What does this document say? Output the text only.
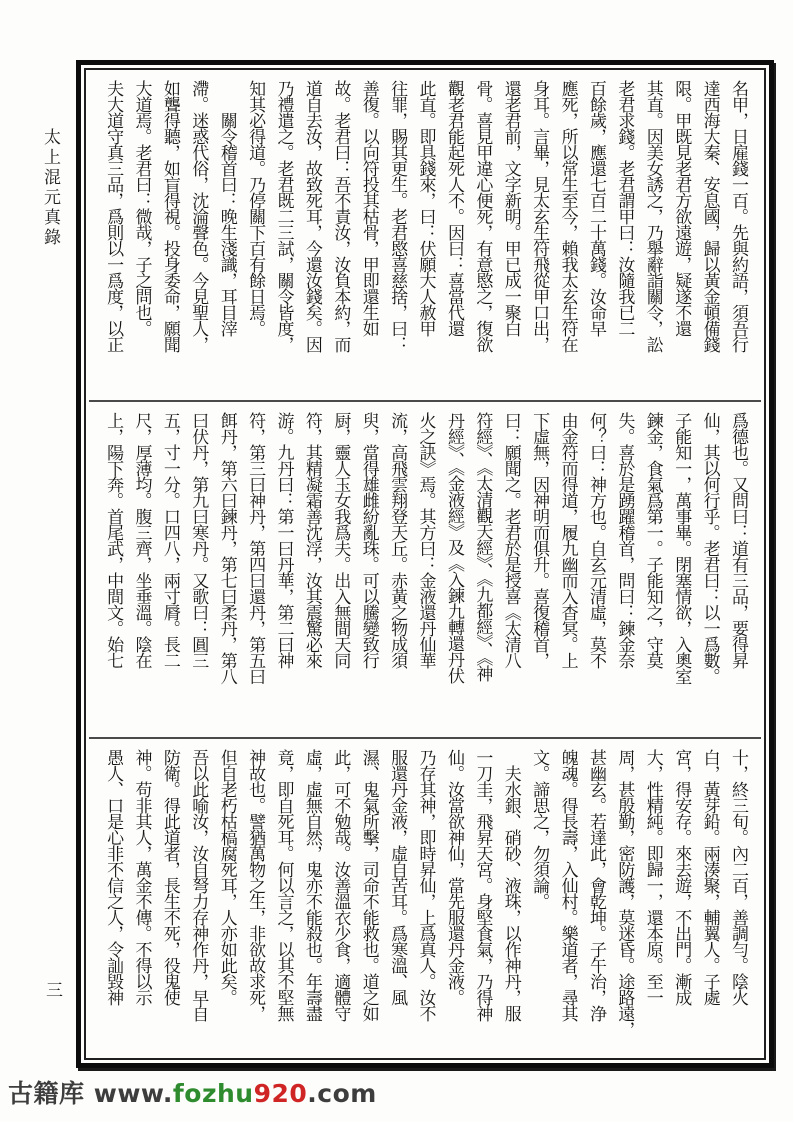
太上混元真錄
三
名甲，日雇錢一百。先與約語，須吾行
達西海大秦、安息國，歸以黃金頓備錢
限。甲既見老君方欲遠遊，疑遂不還
其直。因美女誘之，乃舉辭詣關令，訟
老君求錢。老君謂甲曰：汝隨我已二
百餘歲，應還七百二十萬錢。汝命早
應死，所以常生至今，賴我太玄生符在
身耳。言畢，見太玄生符飛從甲口出，
還老君前，文字新明。甲已成一聚白
骨。喜見甲違心便死，有意愍之，復欲
觀老君能起死人不。因曰：喜當代還
此直。即具錢來，曰：伏願大人赦甲
往罪，賜其更生。老君愍喜慈捨，曰：
善復。以向符投其枯骨，甲即還生如
故。老君曰：吾不責汝，汝負本約，而
道自去汝，故致死耳，今還汝錢矣。因
乃禮遣之。老君既二三試，關令皆度，
知其必得道。乃停關下百有餘日焉。
　　關令稽首曰：晚生淺識，耳目滓
滯。迷惑代俗，沈淪聲色。今見聖人，
如聾得聽，如盲得視。投身委命，願聞
大道焉。老君曰：微哉，子之問也。
夫大道守真三品，爲則以一爲度，以正
爲德也。又問曰：道有三品，要得昇
仙，其以何行乎。老君曰：以一爲數。
子能知一，萬事畢。閉塞情欲，入奧室
鍊金，食氣爲第一。子能知之，守莫
失。喜於是踴躍稽首，問曰：鍊金奈
何？曰：神方也。自玄元清虛，莫不
由金符而得道，履九幽而入杳冥。上
下虛無，因神明而俱升。喜復稽首，
曰：願聞之。老君於是授喜《太清八
符經》、《太清觀天經》、《九都經》、《神
丹經》、《金液經》及《入鍊九轉還丹伏
火之訣》焉。其方曰：金液還丹仙華
流，高飛雲翔登天丘。赤黃之物成須
臾，當得雄雌紛亂珠。可以騰變致行
厨，靈人玉女我爲夫。出入無間天同
符，其精凝霜善沈浮，汝其震驚必來
游。九丹曰：第一曰丹華，第二曰神
符，第三曰神丹，第四曰還丹，第五曰
餌丹，第六曰鍊丹，第七曰柔丹，第八
曰伏丹，第九曰寒丹。又歌曰：圓三
五，寸一分。口四八，兩寸脣。長二
尺，厚薄均。腹三齊，坐垂溫。陰在
上，陽下奔。首尾武，中間文。始七
十，終三旬。內二百，善調勻。陰火
白，黃芽鉛。兩湊聚，輔翼人。子處
宮，得安存。來去遊，不出門。漸成
大，性精純。即歸一，還本原。至一
周，甚殷勤，密防護，莫迷昏。途路遠，
甚幽玄。若達此，會乾坤。子午治，浄
魄魂。得長壽，入仙村。樂道者，尋其
文。諦思之，勿須論。
　夫水銀、硝砂、液珠，以作神丹，服
一刀圭，飛昇天宮。身堅食氣，乃得神
仙。汝當欲神仙，當先服還丹金液。
乃存其神，即時昇仙，上爲真人。汝不
服還丹金液，虛自苦耳。爲寒溫、風
濕、鬼氣所擊，司命不能救也。道之如
此，可不勉哉。汝善溫衣少食，適體守
虛，虛無自然，鬼亦不能殺也。年壽盡
竟，即自死耳。何以言之，以其不堅無
神故也。譬猶萬物之生，非欲故求死，
但自老朽枯槁腐死耳，人亦如此矣。
吾以此喻汝，汝自弩力存神作丹，早自
防衛。得此道者，長生不死，役鬼使
神。苟非其人，萬金不傳。不得以示
愚人、口是心非不信之人，令訕毀神
古籍库 www.fozhu920.com
